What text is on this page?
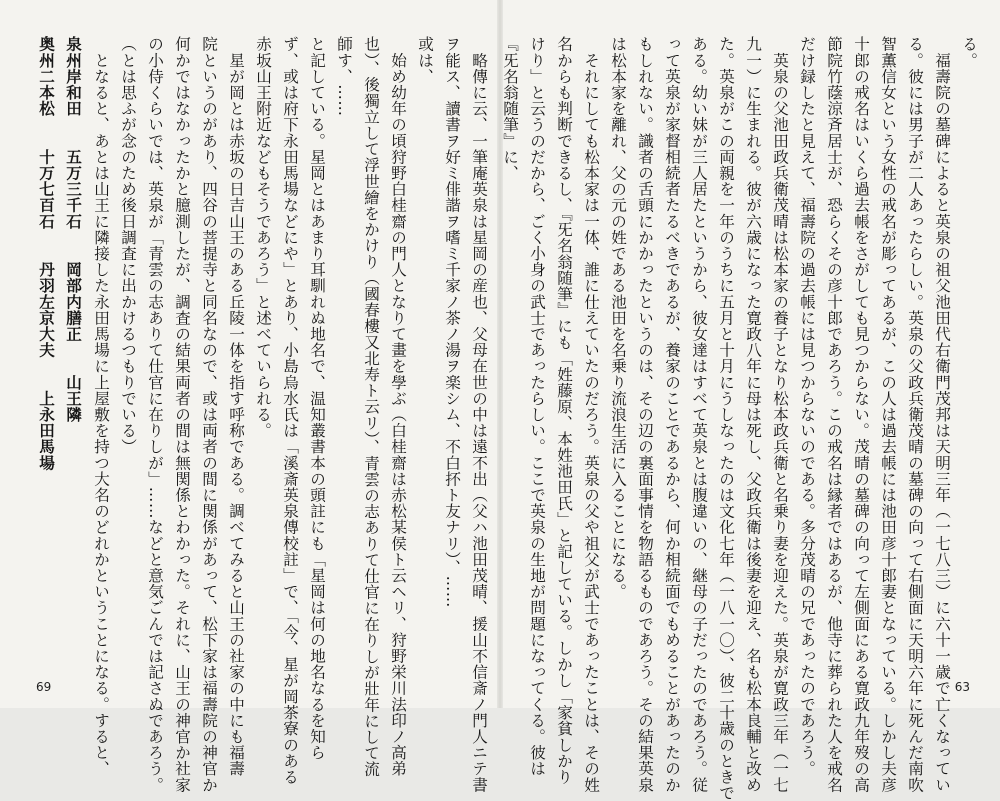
　略傳に云、一筆庵英泉は星岡の産也、父母在世の中は遠不出（父ハ池田茂晴、援山不信斎ノ門人ニテ書
ヲ能ス、讀書ヲ好ミ俳諧ヲ嗜ミ千家ノ茶ノ湯ヲ楽シム、不白抔ト友ナリ）、……
或は、
　始め幼年の頃狩野白桂齋の門人となりて畫を學ぶ（白桂齋は赤松某侯ト云ヘリ、狩野栄川法印ノ高弟
也）、後獨立して浮世繪をかけり（國春樓又北寿ト云リ）、青雲の志ありて仕官に在りしが壯年にして流
師す、……
と記している。星岡とはあまり耳馴れぬ地名で、温知叢書本の頭註にも「星岡は何の地名なるを知ら
ず、或は府下永田馬場などにや」とあり、小島烏水氏は「溪斎英泉傳校註」で、「今、星が岡茶寮のある
赤坂山王附近などもそうであろう」と述べていられる。
　星が岡とは赤坂の日吉山王のある丘陵一体を指す呼称である。調べてみると山王の社家の中にも福壽
院というのがあり、四谷の菩提寺と同名なので、或は両者の間に関係があって、松下家は福壽院の神官か
何かではなかったかと臆測したが、調査の結果両者の間は無関係とわかった。それに、山王の神官か社家
の小侍くらいでは、英泉が「青雲の志ありて仕官に在りしが」……などと意気ごんでは記さぬであろう。
（とは思ふが念のため後日調査に出かけるつもりでいる）
　となると、あとは山王に隣接した永田馬場に上屋敷を持つ大名のどれかということになる。すると、
泉州岸和田　　五万三千石　　岡部内膳正　　山王隣
奥州二本松　　十万七百石　　丹羽左京大夫　　上永田馬場
69
る。
　福壽院の墓碑によると英泉の祖父池田代右衛門茂邦は天明三年（一七八三）に六十一歳で亡くなってい
る。彼には男子が二人あったらしい。英泉の父政兵衛茂晴の墓碑の向って右側面に天明六年に死んだ南吹
智薫信女という女性の戒名が彫ってあるが、この人は過去帳には池田彦十郎妻となっている。しかし夫彦
十郎の戒名はいくら過去帳をさがしても見つからない。茂晴の墓碑の向って左側面にある寛政九年歿の高
節院竹蔭涼斉居士が、恐らくその彦十郎であろう。この戒名は縁者ではあるが、他寺に葬られた人を戒名
だけ録したと見えて、福壽院の過去帳には見つからないのである。多分茂晴の兄であったのであろう。
　英泉の父池田政兵衛茂晴は松本家の養子となり松本政兵衛と名乗り妻を迎えた。英泉が寛政三年（一七
九一）に生まれる。彼が六歳になった寛政八年に母は死し、父政兵衛は後妻を迎え、名も松本良輔と改め
た。英泉がこの両親を一年のうちに五月と十月にうしなったのは文化七年（一八一〇）、彼二十歳のときで
ある。幼い妹が三人居たというから、彼女達はすべて英泉とは腹違いの、継母の子だったのであろう。従
って英泉が家督相続者たるべきであるが、養家のことであるから、何か相続面でもめることがあったのか
もしれない。識者の舌頭にかかったというのは、その辺の裏面事情を物語るものであろう。その結果英泉
は松本家を離れ、父の元の姓である池田を名乗り流浪生活に入ることになる。
　それにしても松本家は一体、誰に仕えていたのだろう。英泉の父や祖父が武士であったことは、その姓
名からも判断できるし、『旡名翁随筆』にも「姓藤原、本姓池田氏」と記している。しかし「家貧しかり
けり」と云うのだから、ごく小身の武士であったらしい。ここで英泉の生地が問題になってくる。彼は
『旡名翁随筆』に、
63
